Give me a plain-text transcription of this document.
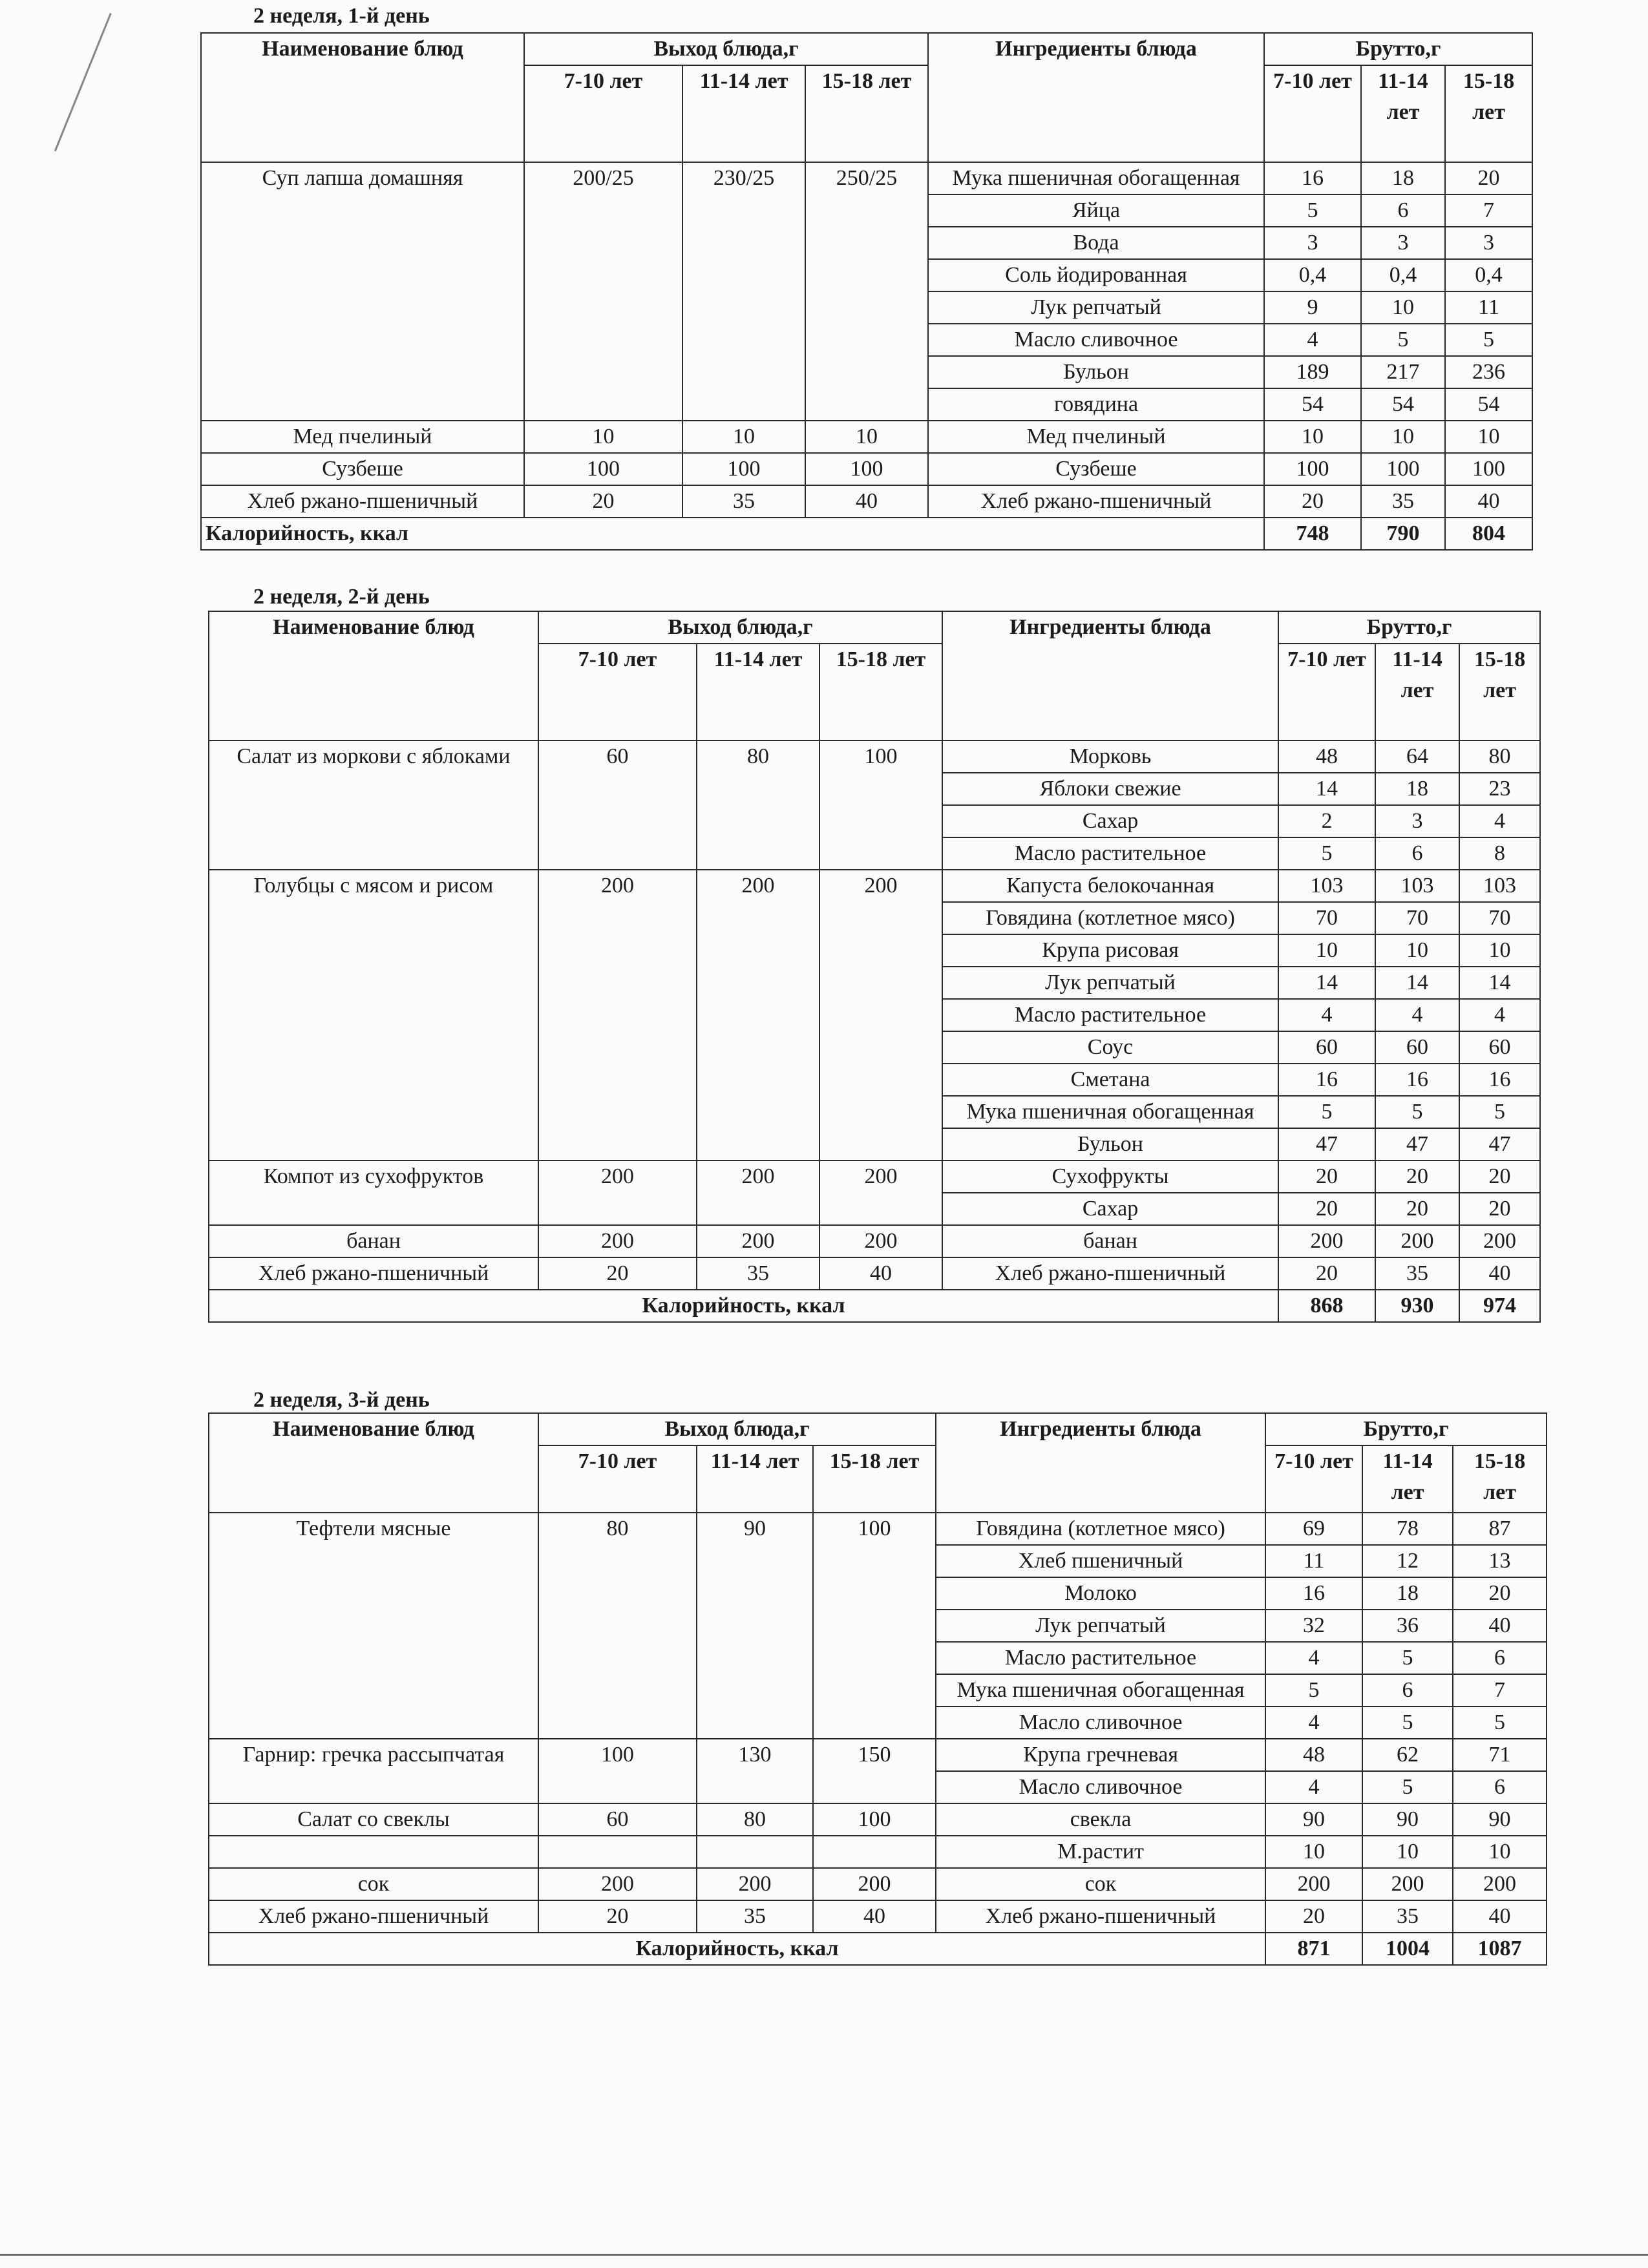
2 неделя, 1-й день
Наименование блюд	Выход блюда,г			Ингредиенты блюда	Брутто,г		
	7-10 лет	11-14 лет	15-18 лет		7-10 лет	11-14 лет	15-18 лет
Суп лапша домашняя	200/25	230/25	250/25	Мука пшеничная обогащенная	16	18	20
				Яйца	5	6	7
				Вода	3	3	3
				Соль йодированная	0,4	0,4	0,4
				Лук репчатый	9	10	11
				Масло сливочное	4	5	5
				Бульон	189	217	236
				говядина	54	54	54
Мед пчелиный	10	10	10	Мед пчелиный	10	10	10
Сузбеше	100	100	100	Сузбеше	100	100	100
Хлеб ржано-пшеничный	20	35	40	Хлеб ржано-пшеничный	20	35	40
Калорийность, ккал					748	790	804
2 неделя, 2-й день
Наименование блюд	Выход блюда,г			Ингредиенты блюда	Брутто,г		
	7-10 лет	11-14 лет	15-18 лет		7-10 лет	11-14 лет	15-18 лет
Салат из моркови с яблоками	60	80	100	Морковь	48	64	80
				Яблоки свежие	14	18	23
				Сахар	2	3	4
				Масло растительное	5	6	8
Голубцы с мясом и рисом	200	200	200	Капуста белокочанная	103	103	103
				Говядина (котлетное мясо)	70	70	70
				Крупа рисовая	10	10	10
				Лук репчатый	14	14	14
				Масло растительное	4	4	4
				Соус	60	60	60
				Сметана	16	16	16
				Мука пшеничная обогащенная	5	5	5
				Бульон	47	47	47
Компот из сухофруктов	200	200	200	Сухофрукты	20	20	20
				Сахар	20	20	20
банан	200	200	200	банан	200	200	200
Хлеб ржано-пшеничный	20	35	40	Хлеб ржано-пшеничный	20	35	40
Калорийность, ккал					868	930	974
2 неделя, 3-й день
Наименование блюд	Выход блюда,г			Ингредиенты блюда	Брутто,г		
	7-10 лет	11-14 лет	15-18 лет		7-10 лет	11-14 лет	15-18 лет
Тефтели мясные	80	90	100	Говядина (котлетное мясо)	69	78	87
				Хлеб пшеничный	11	12	13
				Молоко	16	18	20
				Лук репчатый	32	36	40
				Масло растительное	4	5	6
				Мука пшеничная обогащенная	5	6	7
				Масло сливочное	4	5	5
Гарнир: гречка рассыпчатая	100	130	150	Крупа гречневая	48	62	71
				Масло сливочное	4	5	6
Салат со свеклы	60	80	100	свекла	90	90	90
				М.растит	10	10	10
сок	200	200	200	сок	200	200	200
Хлеб ржано-пшеничный	20	35	40	Хлеб ржано-пшеничный	20	35	40
Калорийность, ккал					871	1004	1087
